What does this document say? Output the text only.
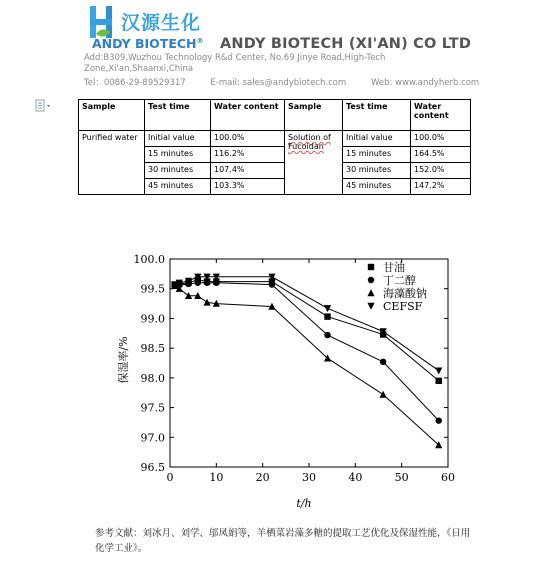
汉源生化
ANDY BIOTECH® ANDY BIOTECH (XI'AN) CO LTD
Add:B309,Wuzhou Technology R&d Center, No.69 Jinye Road,High-Tech Zone,Xi'an,Shaanxi,China
Tel：0086-29-89529317	E-mail: sales@andybiotech.com	Web: www.andyherb.com
Sample	Test time	Water content	Sample	Test time	Water content
Purified water	Initial value	100.0%	Solution of Fucoidan	Initial value	100.0%
	15 minutes	116.2%		15 minutes	164.5%
	30 minutes	107.4%		30 minutes	152.0%
	45 minutes	103.3%		45 minutes	147.2%
0	10	20	30	40	50	60
96.5
97.0
97.5
98.0
98.5
99.0
99.5
100.0
甘油
丁二醇
海藻酸钠
CEFSF
保湿率/%
t/h
参考文献：刘冰月、刘学、邬凤娟等，羊栖菜岩藻多糖的提取工艺优化及保湿性能，《日用化学工业》。
